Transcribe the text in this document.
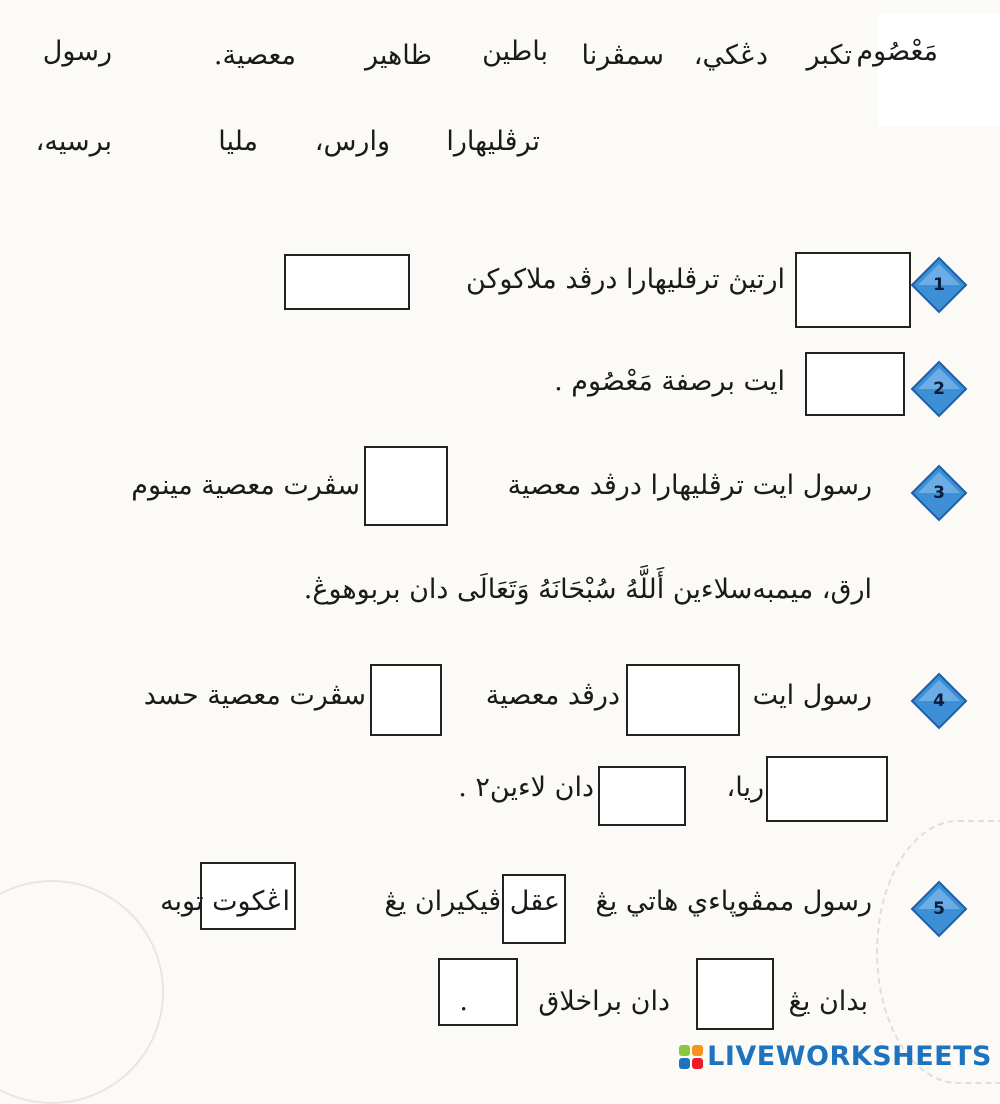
مَعْصُوم
تكبر
دڠكي،
سمڤرنا
باطين
ظاهير
معصية.
رسول
ترڤليهارا
وارس،
مليا
برسيه،
1
ارتيڽ ترڤليهارا درڤد ملاكوكن
2
ايت برصفة مَعْصُوم .
3
رسول ايت ترڤليهارا درڤد معصية
سڤرت معصية مينوم
ارق، ميمبەسلاءين أَللَّهُ سُبْحَانَهُ وَتَعَالَى دان بربوهوڠ.
4
رسول ايت
درڤد معصية
سڤرت معصية حسد
ريا،
دان لاءين٢ .
5
رسول ممڤوڽاءي هاتي يڠ
عقل ڤيكيران يڠ
اڠكوت توبه
بدان يڠ
دان براخلاق
.
LIVEWORKSHEETS
